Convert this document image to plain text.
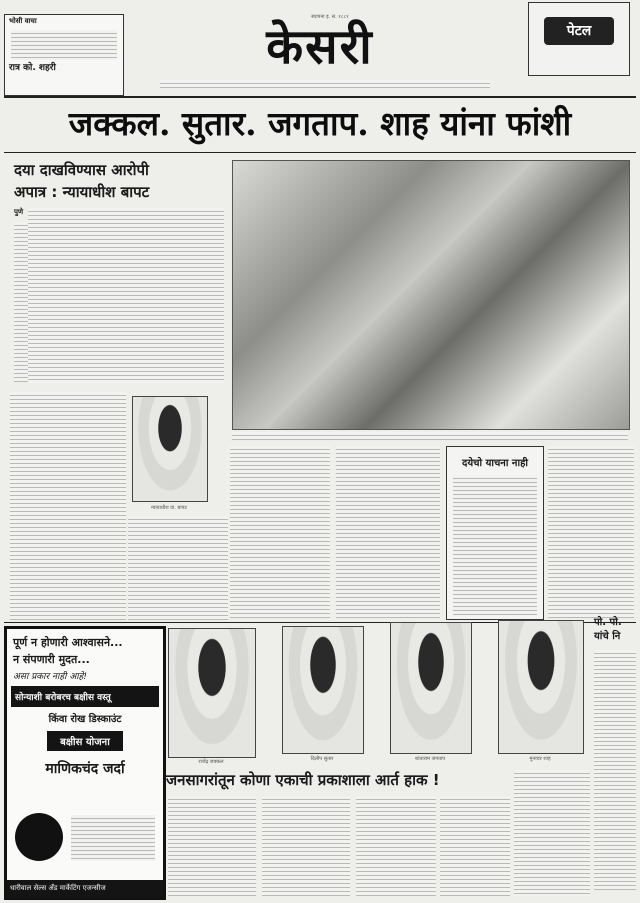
भोसी वाचा
रात्र को. शहरी
स्थापना इ. स. १८८१
केसरी	पेटल
जक्कल. सुतार. जगताप. शाह यांना फांशी
दया दाखविण्यास आरोपी
अपात्र : न्यायाधीश बापट
पुणे
न्यायाधीश वा. बापट
दयेचो याचना नाही
पूर्ण न होणारी आश्वासने...
न संपणारी मुदत...
असा प्रकार नाही आहे!
सोन्याशी बरोबरच बक्षीस वस्तू
किंवा रोख डिस्काउंट
बक्षीस योजना
माणिकचंद जर्दा
धारीवाल सेल्स अँड मार्केटिंग एजन्सीज
राजेंद्र जक्कल	दिलीप सुतार	शांताराम जगताप	मुनव्वर शाह
पो. पो. यांचे नि
जनसागरांतून कोणा एकाची प्रकाशाला आर्त हाक !
